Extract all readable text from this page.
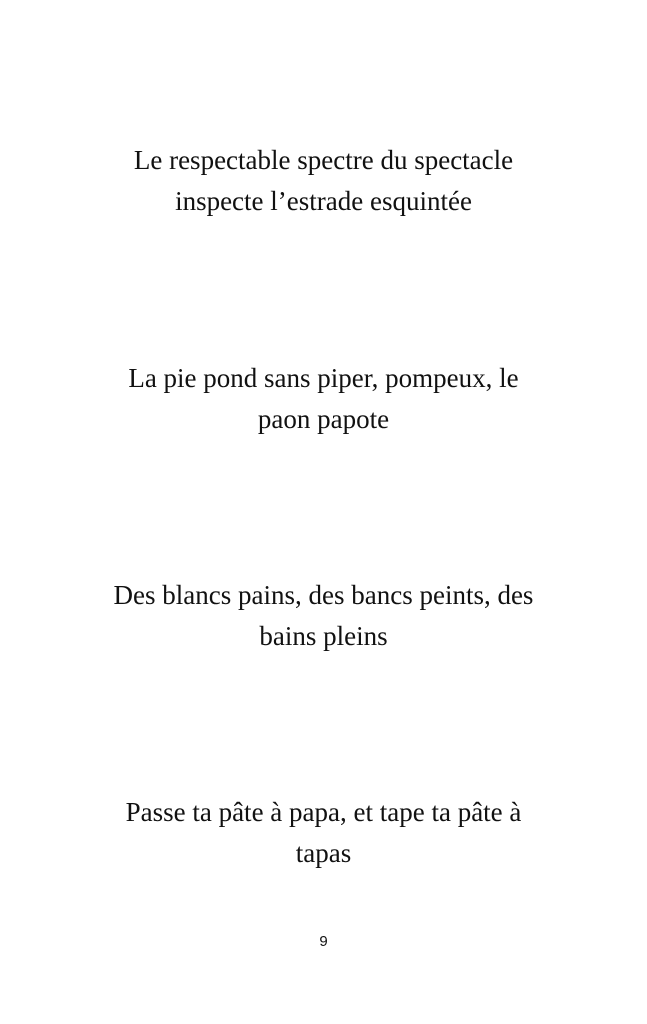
Le respectable spectre du spectacle
inspecte l’estrade esquintée
La pie pond sans piper, pompeux, le
paon papote
Des blancs pains, des bancs peints, des
bains pleins
Passe ta pâte à papa, et tape ta pâte à
tapas
9
